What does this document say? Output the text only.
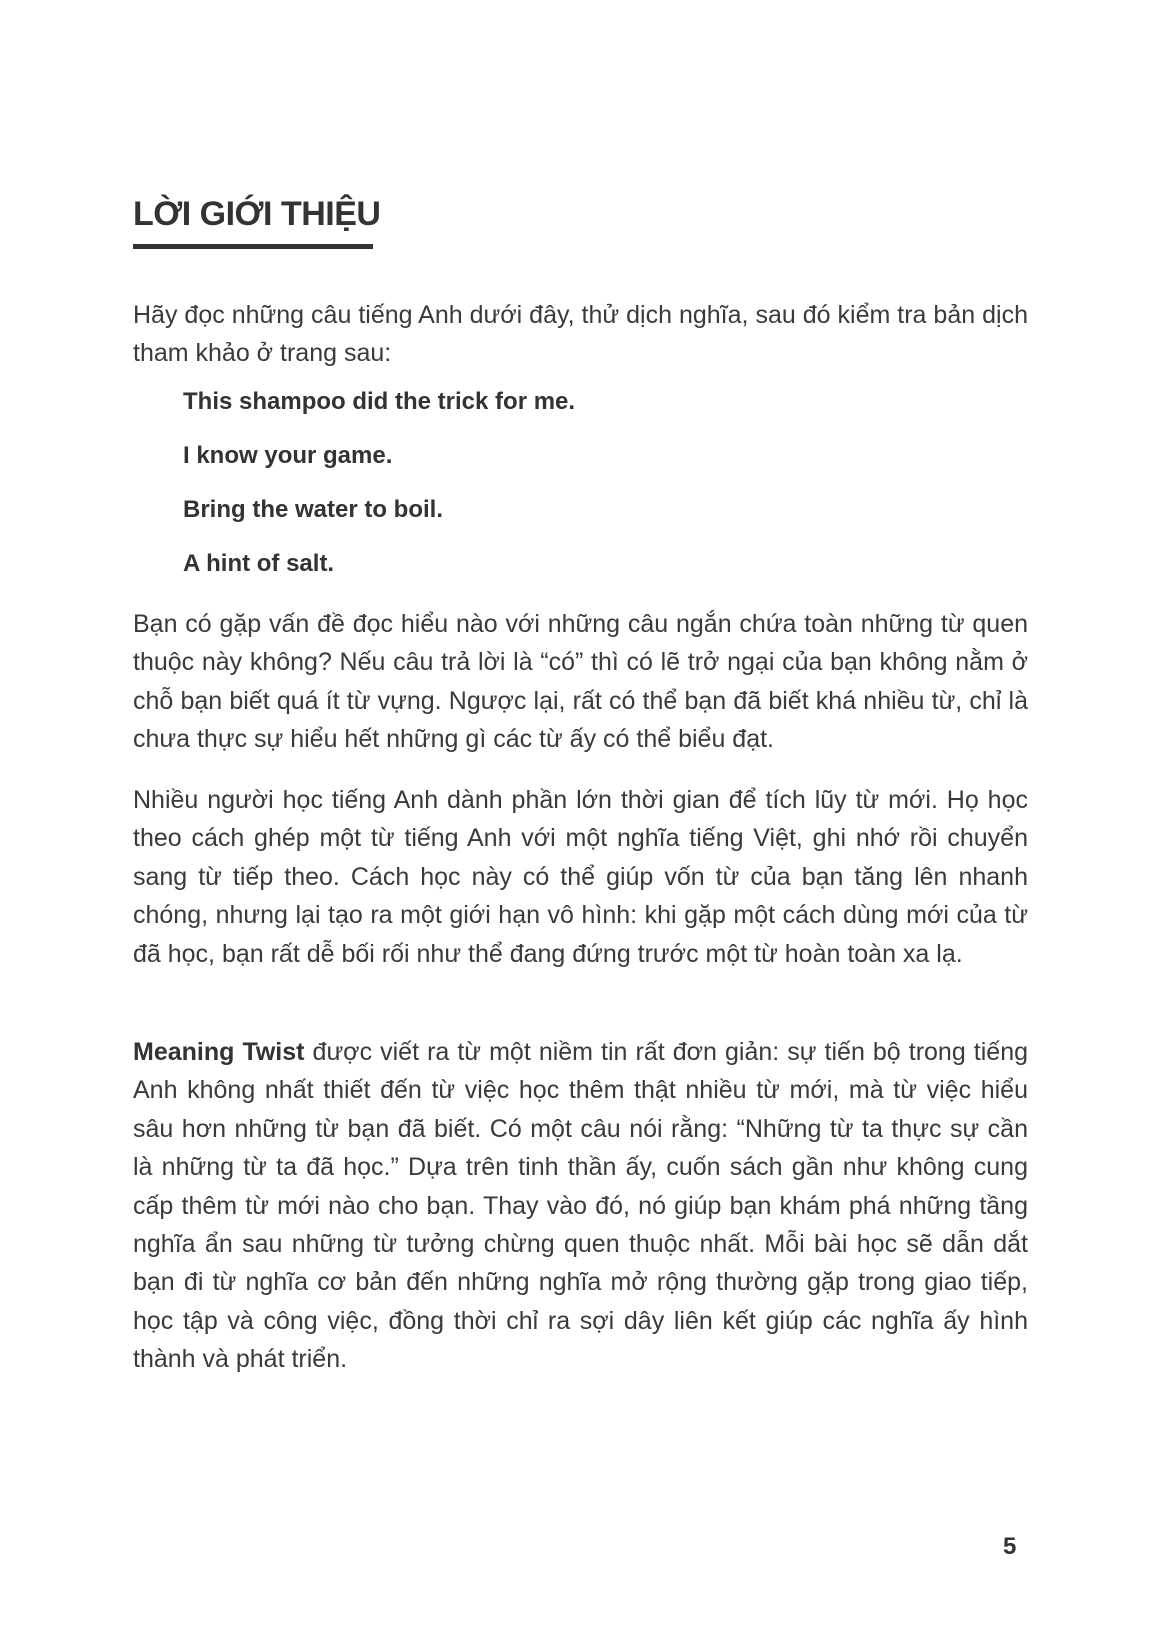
LỜI GIỚI THIỆU

Hãy đọc những câu tiếng Anh dưới đây, thử dịch nghĩa, sau đó kiểm tra bản dịch tham khảo ở trang sau:

This shampoo did the trick for me.
I know your game.
Bring the water to boil.
A hint of salt.

Bạn có gặp vấn đề đọc hiểu nào với những câu ngắn chứa toàn những từ quen thuộc này không? Nếu câu trả lời là “có” thì có lẽ trở ngại của bạn không nằm ở chỗ bạn biết quá ít từ vựng. Ngược lại, rất có thể bạn đã biết khá nhiều từ, chỉ là chưa thực sự hiểu hết những gì các từ ấy có thể biểu đạt.

Nhiều người học tiếng Anh dành phần lớn thời gian để tích lũy từ mới. Họ học theo cách ghép một từ tiếng Anh với một nghĩa tiếng Việt, ghi nhớ rồi chuyển sang từ tiếp theo. Cách học này có thể giúp vốn từ của bạn tăng lên nhanh chóng, nhưng lại tạo ra một giới hạn vô hình: khi gặp một cách dùng mới của từ đã học, bạn rất dễ bối rối như thể đang đứng trước một từ hoàn toàn xa lạ.

Meaning Twist được viết ra từ một niềm tin rất đơn giản: sự tiến bộ trong tiếng Anh không nhất thiết đến từ việc học thêm thật nhiều từ mới, mà từ việc hiểu sâu hơn những từ bạn đã biết. Có một câu nói rằng: “Những từ ta thực sự cần là những từ ta đã học.” Dựa trên tinh thần ấy, cuốn sách gần như không cung cấp thêm từ mới nào cho bạn. Thay vào đó, nó giúp bạn khám phá những tầng nghĩa ẩn sau những từ tưởng chừng quen thuộc nhất. Mỗi bài học sẽ dẫn dắt bạn đi từ nghĩa cơ bản đến những nghĩa mở rộng thường gặp trong giao tiếp, học tập và công việc, đồng thời chỉ ra sợi dây liên kết giúp các nghĩa ấy hình thành và phát triển.

5
